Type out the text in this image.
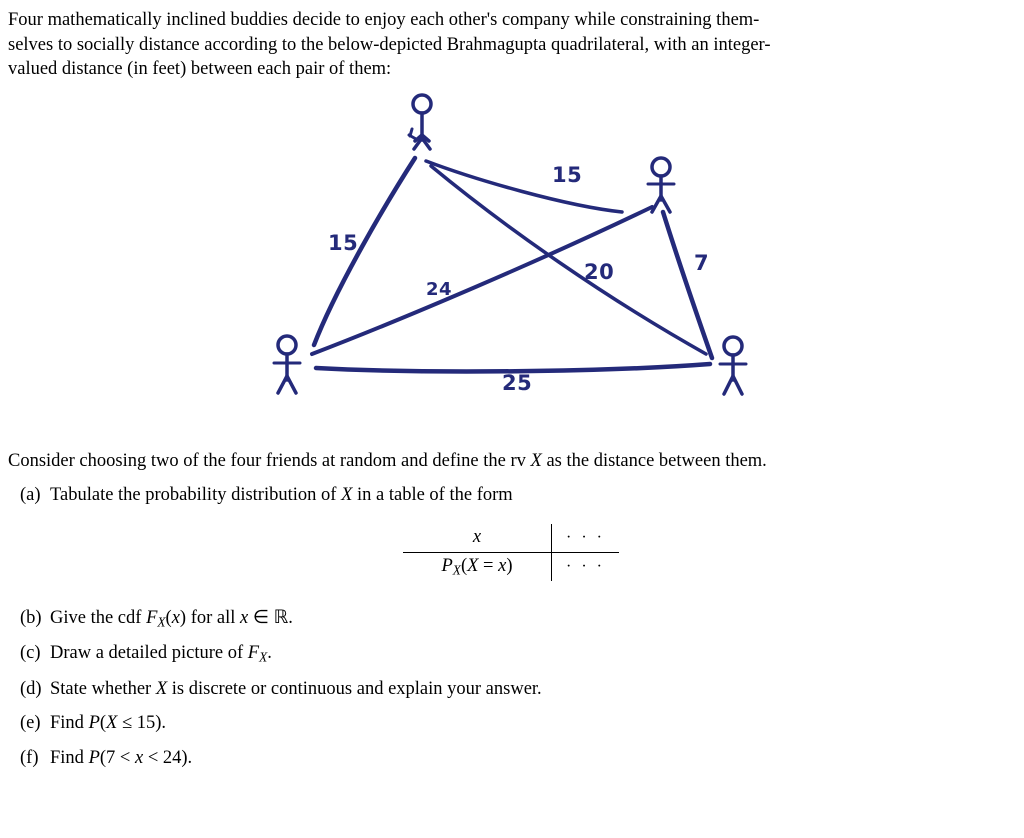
Four mathematically inclined buddies decide to enjoy each other's company while constraining them-
selves to socially distance according to the below-depicted Brahmagupta quadrilateral, with an integer-
valued distance (in feet) between each pair of them:
15
15
24
20	7
25
Consider choosing two of the four friends at random and define the rv X as the distance between them.
(a) Tabulate the probability distribution of X in a table of the form
x	· · ·
$P_X(X = x)$	· · ·
(b) Give the cdf $F_X(x)$ for all x ∈ ℝ.
(c) Draw a detailed picture of $F_X$.
(d) State whether X is discrete or continuous and explain your answer.
(e) Find P(X ≤ 15).
(f) Find P(7 < x < 24).
